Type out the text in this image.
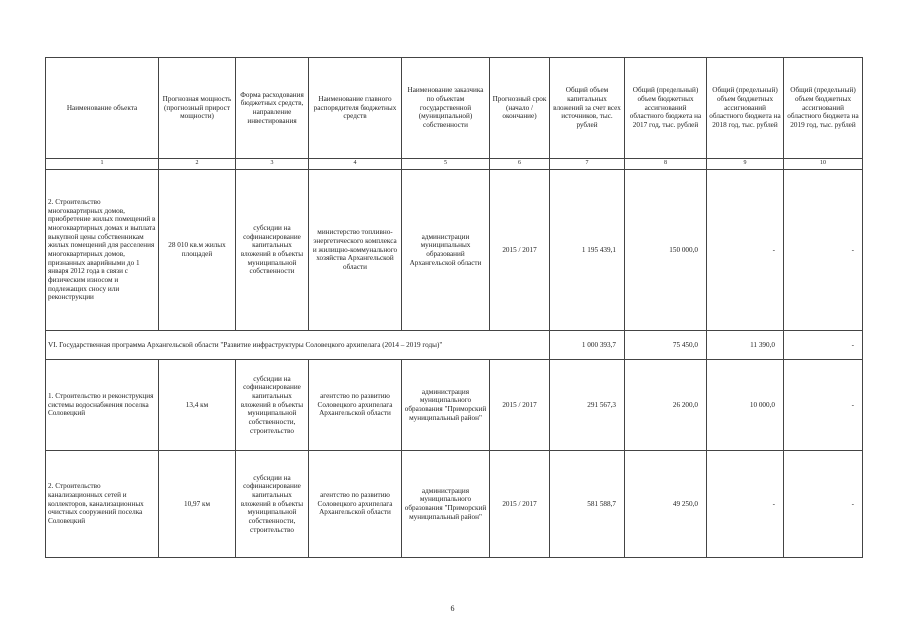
Наименование объекта	Прогнозная мощность (прогнозный прирост мощности)	Форма расходования бюджетных средств, направление инвестирования	Наименование главного распорядителя бюджетных средств	Наименование заказчика по объектам государственной (муниципальной) собственности	Прогнозный срок (начало / окончание)	Общий объем капитальных вложений за счет всех источников, тыс. рублей	Общий (предельный) объем бюджетных ассигнований областного бюджета на 2017 год, тыс. рублей	Общий (предельный) объем бюджетных ассигнований областного бюджета на 2018 год, тыс. рублей	Общий (предельный) объем бюджетных ассигнований областного бюджета на 2019 год, тыс. рублей
1	2	3	4	5	6	7	8	9	10
2. Строительство многоквартирных домов, приобретение жилых помещений в многоквартирных домах и выплата выкупной цены собственникам жилых помещений для расселения многоквартирных домов, признанных аварийными до 1 января 2012 года в связи с физическим износом и подлежащих сносу или реконструкции	28 010 кв.м жилых площадей	субсидии на софинансирование капитальных вложений в объекты муниципальной собственности	министерство топливно-энергетического комплекса и жилищно-коммунального хозяйства Архангельской области	администрации муниципальных образований Архангельской области	2015 / 2017	1 195 439,1	150 000,0	-	-
VI. Государственная программа Архангельской области "Развитие инфраструктуры Соловецкого архипелага (2014 – 2019 годы)"						1 000 393,7	75 450,0	11 390,0	-
1. Строительство и реконструкция системы водоснабжения поселка Соловецкий	13,4 км	субсидии на софинансирование капитальных вложений в объекты муниципальной собственности, строительство	агентство по развитию Соловецкого архипелага Архангельской области	администрация муниципального образования "Приморский муниципальный район"	2015 / 2017	291 567,3	26 200,0	10 000,0	-
2. Строительство канализационных сетей и коллекторов, канализационных очистных сооружений поселка Соловецкий	10,97 км	субсидии на софинансирование капитальных вложений в объекты муниципальной собственности, строительство	агентство по развитию Соловецкого архипелага Архангельской области	администрация муниципального образования "Приморский муниципальный район"	2015 / 2017	581 588,7	49 250,0	-	-
6
